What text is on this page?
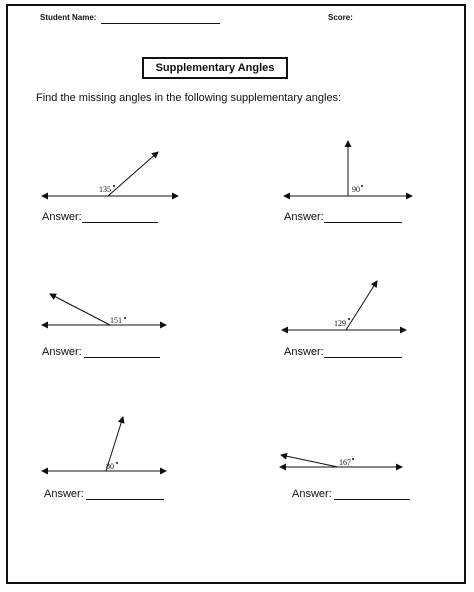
Student Name:	Score:
Supplementary Angles
Find the missing angles in the following supplementary angles:
135	90
151	129
80	167
Answer:	Answer:
Answer:	Answer:
Answer:	Answer:
